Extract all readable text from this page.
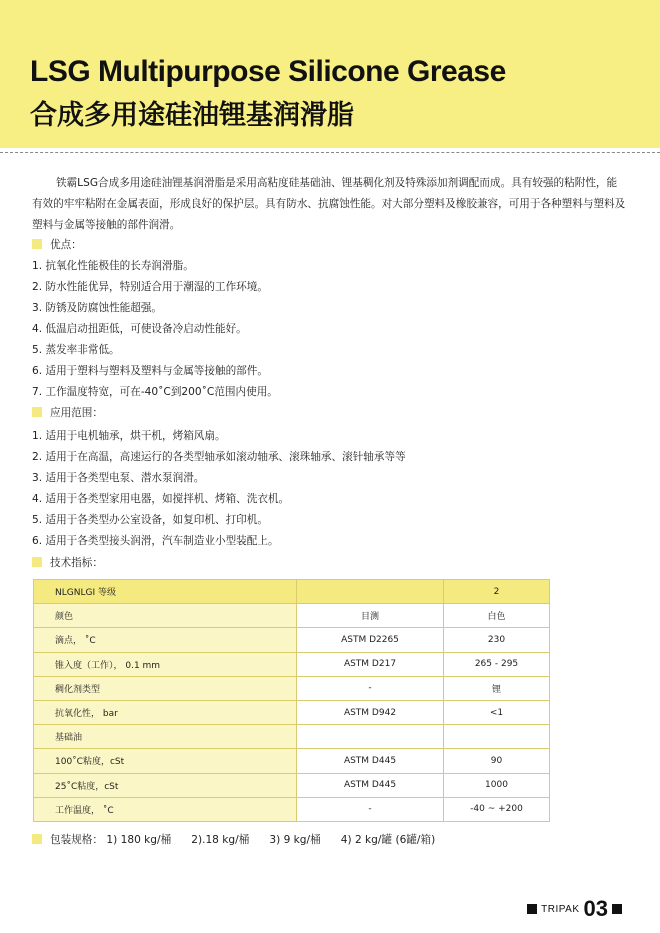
LSG Multipurpose Silicone Grease
合成多用途硅油锂基润滑脂
铁霸LSG合成多用途硅油锂基润滑脂是采用高粘度硅基础油、锂基稠化剂及特殊添加剂调配而成。具有较强的粘附性，能有效的牢牢粘附在金属表面，形成良好的保护层。具有防水、抗腐蚀性能。对大部分塑料及橡胶兼容，可用于各种塑料与塑料及塑料与金属等接触的部件润滑。
优点：
1. 抗氧化性能极佳的长寿润滑脂。
2. 防水性能优异，特别适合用于潮湿的工作环境。
3. 防锈及防腐蚀性能超强。
4. 低温启动扭距低，可使设备冷启动性能好。
5. 蒸发率非常低。
6. 适用于塑料与塑料及塑料与金属等接触的部件。
7. 工作温度特宽，可在-40˚C到200˚C范围内使用。
应用范围：
1. 适用于电机轴承，烘干机，烤箱风扇。
2. 适用于在高温，高速运行的各类型轴承如滚动轴承、滚珠轴承、滚针轴承等等
3. 适用于各类型电泵、潜水泵润滑。
4. 适用于各类型家用电器，如搅拌机、烤箱、洗衣机。
5. 适用于各类型办公室设备，如复印机、打印机。
6. 适用于各类型接头润滑，汽车制造业小型装配上。
技术指标：
NLGNLGI 等级		2
颜色	目测	白色
滴点， ˚C	ASTM D2265	230
锥入度（工作）， 0.1 mm	ASTM D217	265 - 295
稠化剂类型	-	锂
抗氧化性， bar	ASTM D942	<1
基础油		
100˚C粘度，cSt	ASTM D445	90
25˚C粘度，cSt	ASTM D445	1000
工作温度， ˚C	-	-40 ~ +200
包装规格： 1) 180 kg/桶 2).18 kg/桶 3) 9 kg/桶 4) 2 kg/罐 (6罐/箱)
TRIPAK 03
